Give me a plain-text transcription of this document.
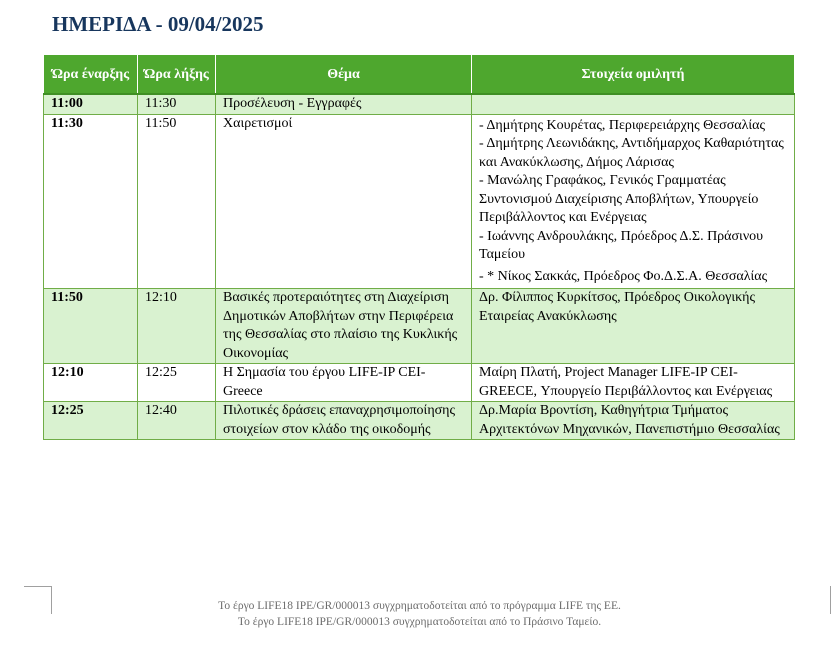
ΗΜΕΡΙΔΑ - 09/04/2025
Ώρα έναρξης	Ώρα λήξης	Θέμα	Στοιχεία ομιλητή
11:00	11:30	Προσέλευση - Εγγραφές	
11:30	11:50	Χαιρετισμοί	- Δημήτρης Κουρέτας, Περιφερειάρχης Θεσσαλίας
- Δημήτρης Λεωνιδάκης, Αντιδήμαρχος Καθαριότητας και Ανακύκλωσης, Δήμος Λάρισας
- Μανώλης Γραφάκος, Γενικός Γραμματέας Συντονισμού Διαχείρισης Αποβλήτων, Υπουργείο Περιβάλλοντος και Ενέργειας
- Ιωάννης Ανδρουλάκης, Πρόεδρος Δ.Σ. Πράσινου Ταμείου
- * Νίκος Σακκάς, Πρόεδρος Φο.Δ.Σ.Α. Θεσσαλίας

11:50	12:10	Βασικές προτεραιότητες στη Διαχείριση Δημοτικών Αποβλήτων στην Περιφέρεια της Θεσσαλίας στο πλαίσιο της Κυκλικής Οικονομίας	Δρ. Φίλιππος Κυρκίτσος, Πρόεδρος Οικολογικής Εταιρείας Ανακύκλωσης

12:10	12:25	Η Σημασία του έργου LIFE-IP CEI-Greece	Μαίρη Πλατή, Project Manager LIFE-IP CEI-GREECE, Υπουργείο Περιβάλλοντος και Ενέργειας

12:25	12:40	Πιλοτικές δράσεις επαναχρησιμοποίησης στοιχείων στον κλάδο της οικοδομής	Δρ.Μαρία Βροντίση, Καθηγήτρια Τμήματος Αρχιτεκτόνων Μηχανικών, Πανεπιστήμιο Θεσσαλίας
Το έργο LIFE18 IPE/GR/000013 συγχρηματοδοτείται από το πρόγραμμα LIFE της ΕΕ.
Το έργο LIFE18 IPE/GR/000013 συγχρηματοδοτείται από το Πράσινο Ταμείο.
